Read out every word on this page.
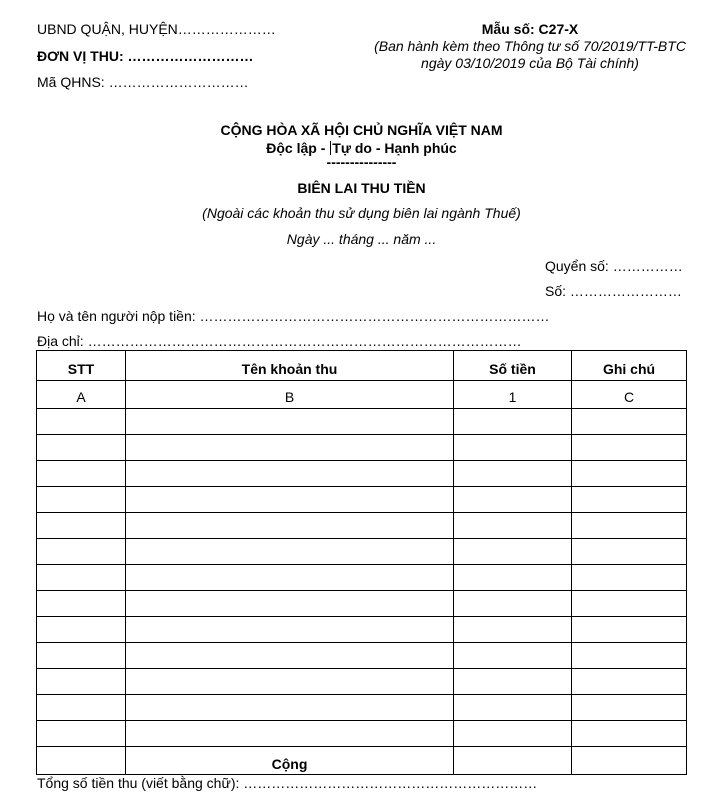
UBND QUẬN, HUYỆN…………………
ĐƠN VỊ THU: ………………………
Mã QHNS: …………………………
Mẫu số: C27-X
(Ban hành kèm theo Thông tư số 70/2019/TT-BTC
ngày 03/10/2019 của Bộ Tài chính)
CỘNG HÒA XÃ HỘI CHỦ NGHĨA VIỆT NAM
Độc lập - Tự do - Hạnh phúc
---------------
BIÊN LAI THU TIỀN
(Ngoài các khoản thu sử dụng biên lai ngành Thuế)
Ngày ... tháng ... năm ...
Quyển số: ……………
Số: ……………………
Họ và tên người nộp tiền: …………………………………………………………………
Địa chỉ: …………………………………………………………………………………
STT	Tên khoản thu	Số tiền	Ghi chú
A	B	1	C

	Cộng		
Tổng số tiền thu (viết bằng chữ): ………………………………………………………
